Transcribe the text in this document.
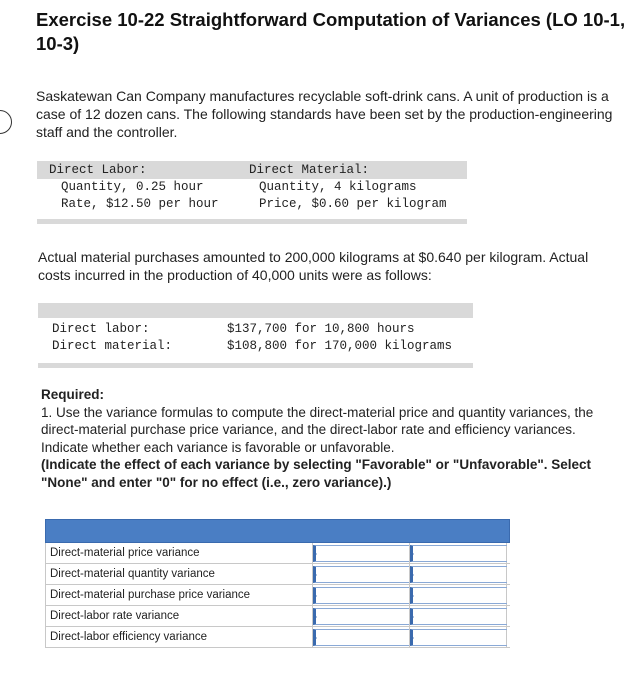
Exercise 10-22 Straightforward Computation of Variances (LO 10-1, 10-3)
Saskatewan Can Company manufactures recyclable soft-drink cans. A unit of production is a case of 12 dozen cans. The following standards have been set by the production-engineering staff and the controller.
Direct Labor:	Direct Material:
Quantity, 0.25 hour	Quantity, 4 kilograms
Rate, $12.50 per hour	Price, $0.60 per kilogram
Actual material purchases amounted to 200,000 kilograms at $0.640 per kilogram. Actual costs incurred in the production of 40,000 units were as follows:
Direct labor:	$137,700 for 10,800 hours
Direct material:	$108,800 for 170,000 kilograms
Required:
1. Use the variance formulas to compute the direct-material price and quantity variances, the direct-material purchase price variance, and the direct-labor rate and efficiency variances. Indicate whether each variance is favorable or unfavorable.
(Indicate the effect of each variance by selecting "Favorable" or "Unfavorable". Select "None" and enter "0" for no effect (i.e., zero variance).)
Direct-material price variance
Direct-material quantity variance
Direct-material purchase price variance
Direct-labor rate variance
Direct-labor efficiency variance
